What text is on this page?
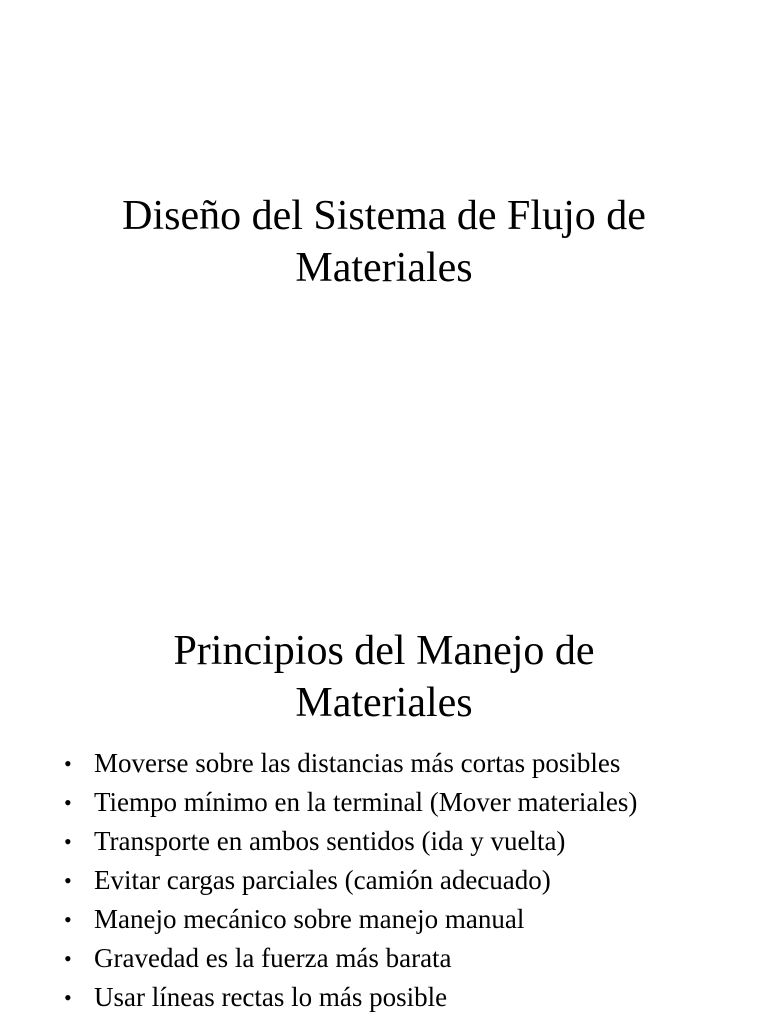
Diseño del Sistema de Flujo de
Materiales
Principios del Manejo de
Materiales
• Moverse sobre las distancias más cortas posibles
• Tiempo mínimo en la terminal (Mover materiales)
• Transporte en ambos sentidos (ida y vuelta)
• Evitar cargas parciales (camión adecuado)
• Manejo mecánico sobre manejo manual
• Gravedad es la fuerza más barata
• Usar líneas rectas lo más posible
